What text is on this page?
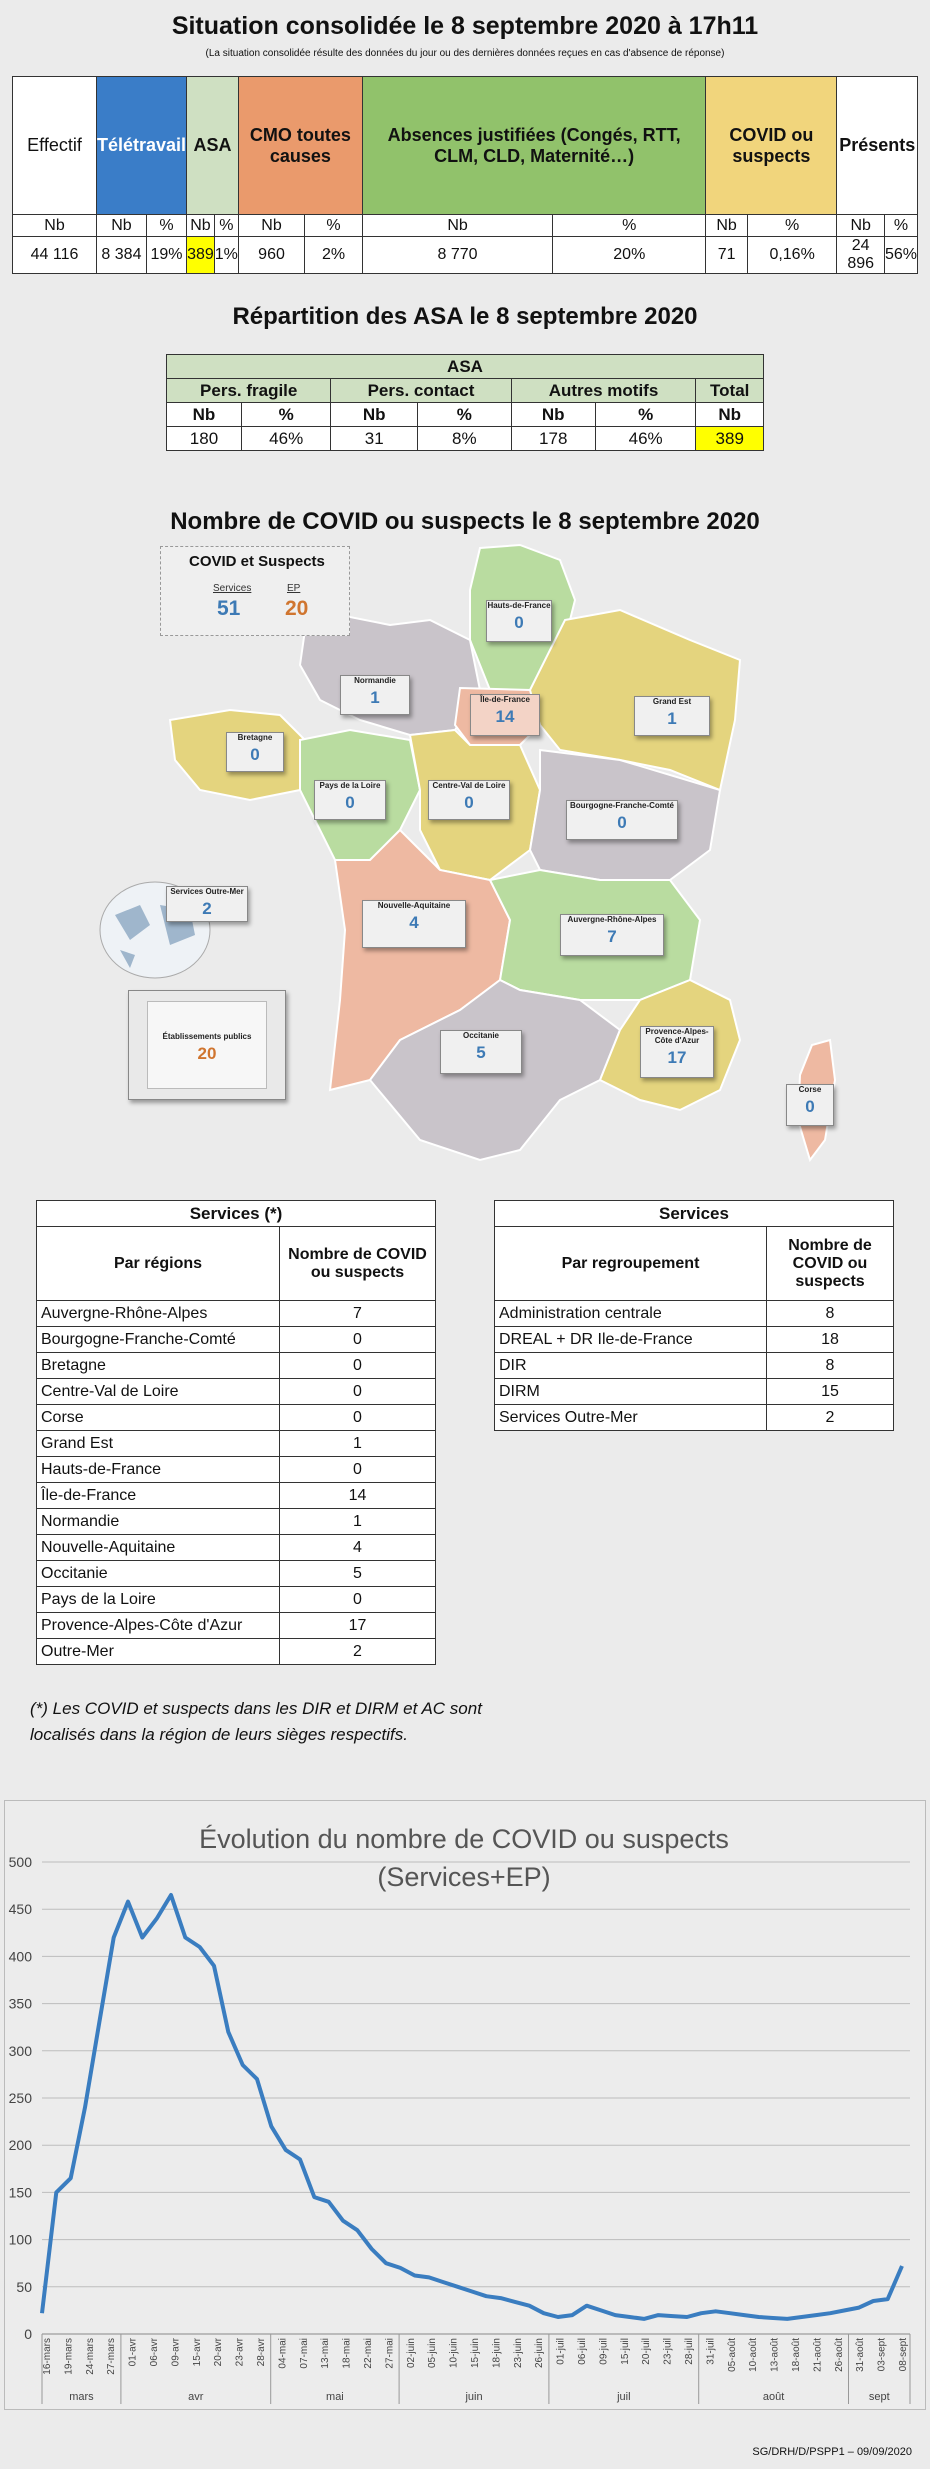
Situation consolidée le 8 septembre 2020 à 17h11
(La situation consolidée résulte des données du jour ou des dernières données reçues en cas d'absence de réponse)
Effectif	Télétravail		ASA		CMO toutes causes		Absences justifiées (Congés, RTT, CLM, CLD, Maternité…)		COVID ou suspects		Présents	
Nb	Nb	%	Nb	%	Nb	%	Nb	%	Nb	%	Nb	%
44 116	8 384	19%	389	1%	960	2%	8 770	20%	71	0,16%	24 896	56%
Répartition des ASA le 8 septembre 2020
ASA						
Pers. fragile		Pers. contact		Autres motifs		Total
Nb	%	Nb	%	Nb	%	Nb
180	46%	31	8%	178	46%	389
Nombre de COVID ou suspects le 8 septembre 2020
COVID et Suspects
Services
51
EP
20	Hauts-de-France
0
Normandie
1	Île-de-France
14
Grand Est
1
Bretagne
0
Pays de la Loire
0
Centre-Val de Loire
0	Bourgogne-Franche-Comté
0
Services Outre-Mer
2	Nouvelle-Aquitaine
4	Auvergne-Rhône-Alpes
7
Établissements publics
20
Occitanie
5
Provence-Alpes-Côte d'Azur
17
Corse
0
Services (*)	
Par régions	Nombre de COVID ou suspects
Auvergne-Rhône-Alpes	7
Bourgogne-Franche-Comté	0
Bretagne	0
Centre-Val de Loire	0
Corse	0
Grand Est	1
Hauts-de-France	0
Île-de-France	14
Normandie	1
Nouvelle-Aquitaine	4
Occitanie	5
Pays de la Loire	0
Provence-Alpes-Côte d'Azur	17
Outre-Mer	2
Services	
Par regroupement	Nombre de COVID ou suspects
Administration centrale	8
DREAL + DR Ile-de-France	18
DIR	8
DIRM	15
Services Outre-Mer	2
(*) Les COVID et suspects dans les DIR et DIRM et AC sont localisés dans la région de leurs sièges respectifs.
Évolution du nombre de COVID ou suspects
(Services+EP)
0
50
100
150
200
250
300
350
400
450
500
16-mars 19-mars 24-mars 27-mars 01-avr 06-avr 09-avr 15-avr 20-avr 23-avr 28-avr 04-mai 07-mai 13-mai 18-mai 22-mai 27-mai 02-juin 05-juin 10-juin 15-juin 18-juin 23-juin 26-juin 01-juil 06-juil 09-juil 15-juil 20-juil 23-juil 28-juil 31-juil 05-août 10-août 13-août 18-août 21-août 26-août 31-août 03-sept 08-sept
mars	avr	mai	juin	juil	août	sept
SG/DRH/D/PSPP1 – 09/09/2020
